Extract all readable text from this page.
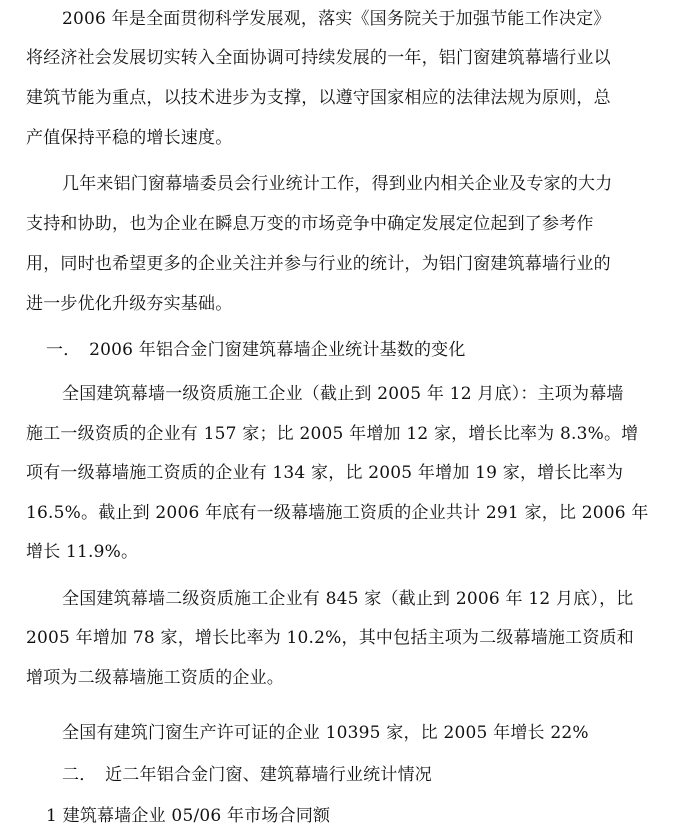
2006 年是全面贯彻科学发展观，落实《国务院关于加强节能工作决定》
将经济社会发展切实转入全面协调可持续发展的一年，铝门窗建筑幕墙行业以
建筑节能为重点，以技术进步为支撑，以遵守国家相应的法律法规为原则，总
产值保持平稳的增长速度。
几年来铝门窗幕墙委员会行业统计工作，得到业内相关企业及专家的大力
支持和协助，也为企业在瞬息万变的市场竞争中确定发展定位起到了参考作
用，同时也希望更多的企业关注并参与行业的统计，为铝门窗建筑幕墙行业的
进一步优化升级夯实基础。
一．　2006 年铝合金门窗建筑幕墙企业统计基数的变化
全国建筑幕墙一级资质施工企业（截止到 2005 年 12 月底）：主项为幕墙
施工一级资质的企业有 157 家；比 2005 年增加 12 家，增长比率为 8.3%。增
项有一级幕墙施工资质的企业有 134 家，比 2005 年增加 19 家，增长比率为
16.5%。截止到 2006 年底有一级幕墙施工资质的企业共计 291 家，比 2006 年
增长 11.9%。
全国建筑幕墙二级资质施工企业有 845 家（截止到 2006 年 12 月底），比
2005 年增加 78 家，增长比率为 10.2%，其中包括主项为二级幕墙施工资质和
增项为二级幕墙施工资质的企业。
全国有建筑门窗生产许可证的企业 10395 家，比 2005 年增长 22%
二．　近二年铝合金门窗、建筑幕墙行业统计情况
1 建筑幕墙企业 05/06 年市场合同额
